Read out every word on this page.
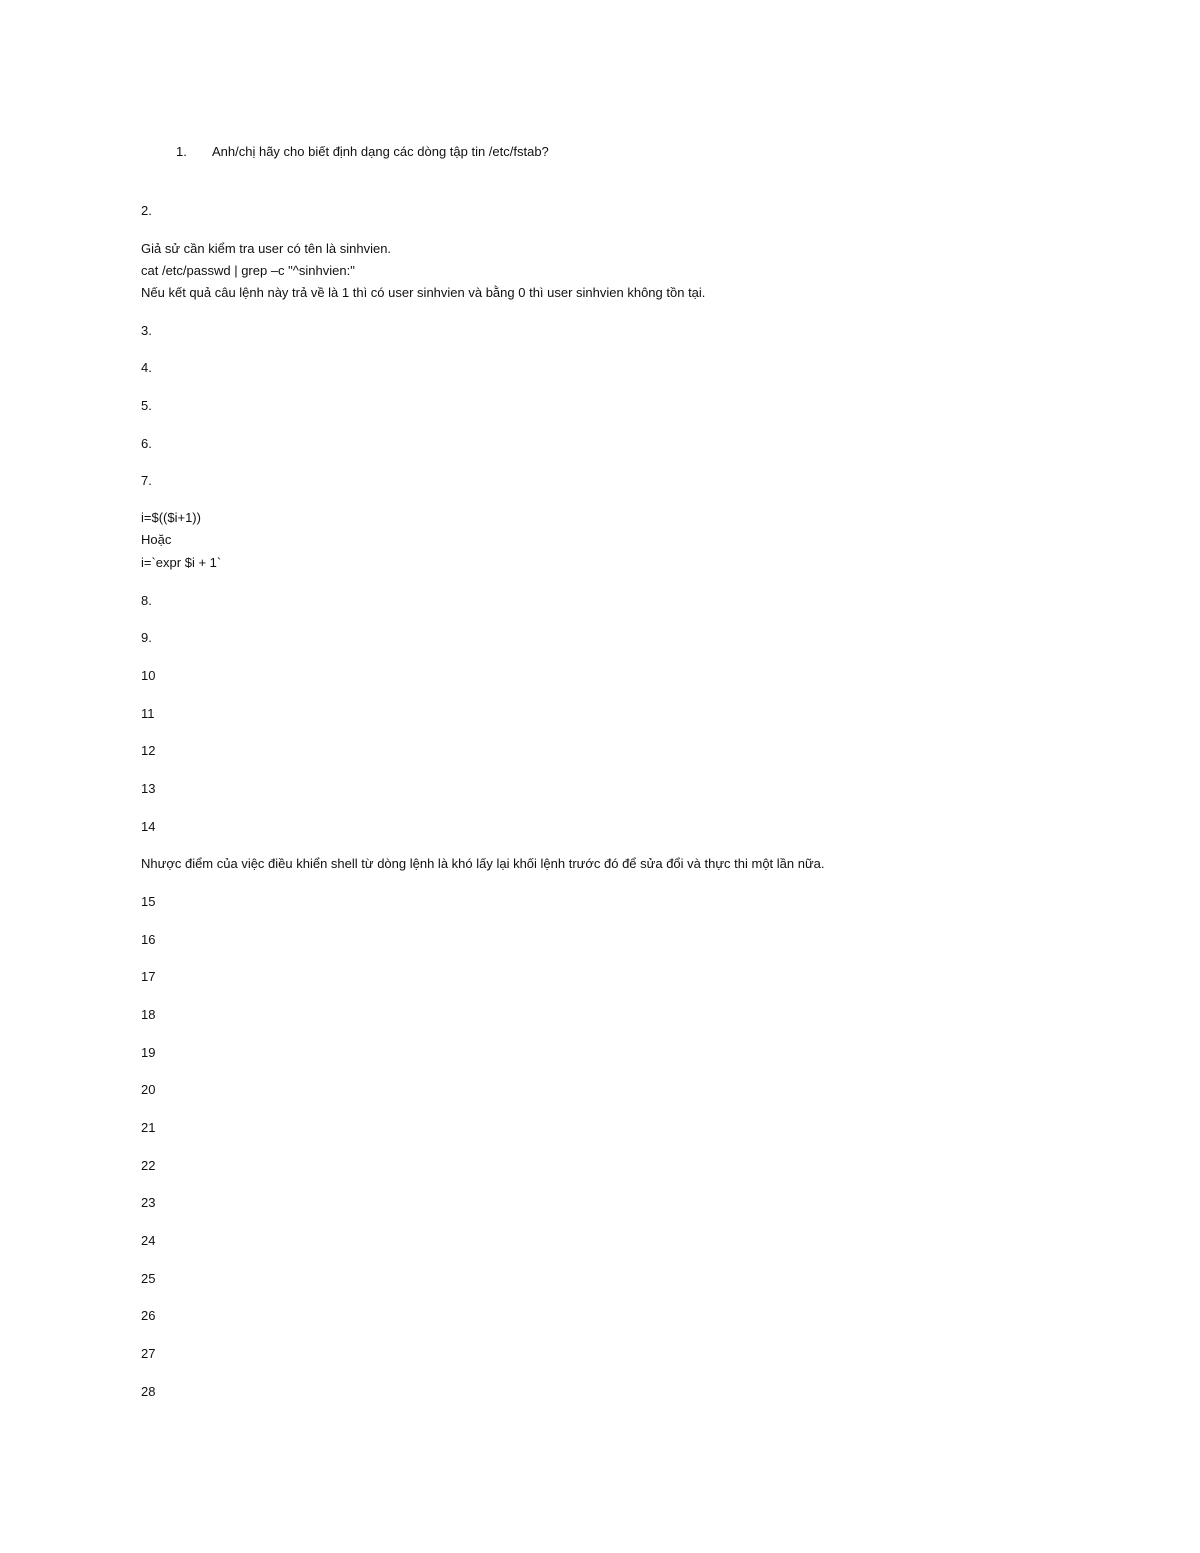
1. Anh/chị hãy cho biết định dạng các dòng tập tin /etc/fstab?
2.
Giả sử cần kiểm tra user có tên là sinhvien.
cat /etc/passwd | grep –c "^sinhvien:"
Nếu kết quả câu lệnh này trả về là 1 thì có user sinhvien và bằng 0 thì user sinhvien không tồn tại.
3.
4.
5.
6.
7.
i=$(($i+1))
Hoặc
i=`expr $i + 1`
8.
9.
10
11
12
13
14
Nhược điểm của việc điều khiển shell từ dòng lệnh là khó lấy lại khối lệnh trước đó để sửa đổi và thực thi một lần nữa.
15
16
17
18
19
20
21
22
23
24
25
26
27
28
